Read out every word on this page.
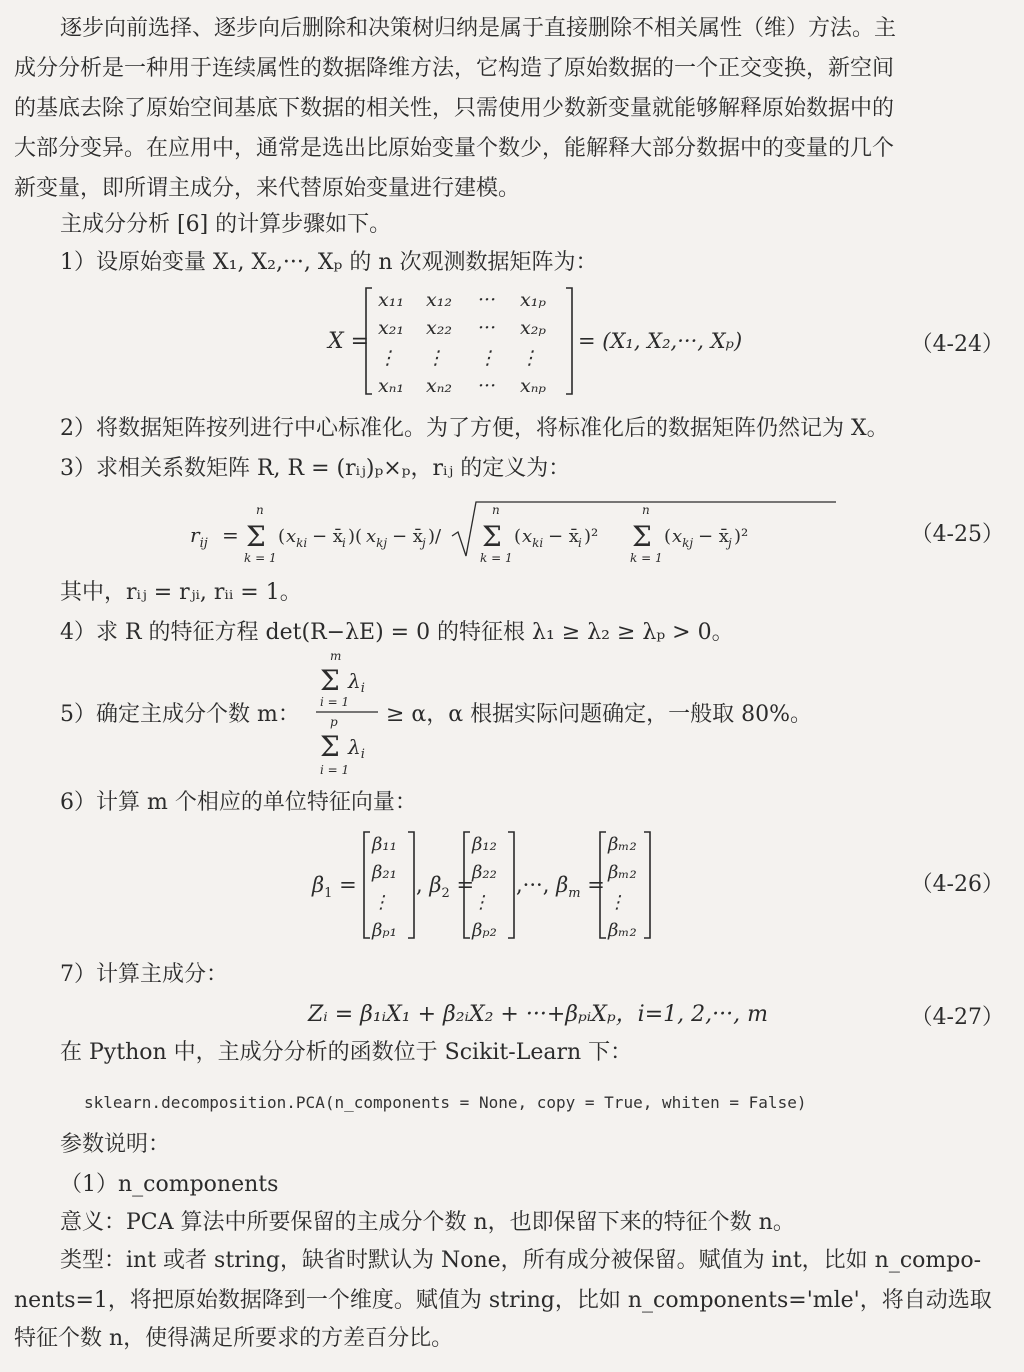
逐步向前选择、逐步向后删除和决策树归纳是属于直接删除不相关属性（维）方法。主
成分分析是一种用于连续属性的数据降维方法，它构造了原始数据的一个正交变换，新空间
的基底去除了原始空间基底下数据的相关性，只需使用少数新变量就能够解释原始数据中的
大部分变异。在应用中，通常是选出比原始变量个数少，能解释大部分数据中的变量的几个
新变量，即所谓主成分，来代替原始变量进行建模。
主成分分析 [6] 的计算步骤如下。
1）设原始变量 X₁, X₂,···, Xₚ 的 n 次观测数据矩阵为：
X =
x₁₁ x₁₂ ··· x₁ₚ
x₂₁ x₂₂ ··· x₂ₚ
⋮ ⋮ ⋮ ⋮
xₙ₁ xₙ₂ ··· xₙₚ
= (X₁, X₂,···, Xₚ)	（4-24）
2）将数据矩阵按列进行中心标准化。为了方便，将标准化后的数据矩阵仍然记为 X。
3）求相关系数矩阵 R, R = (rᵢⱼ)ₚ×ₚ，rᵢⱼ 的定义为：
$r_{ij}$ =
n
Σ
k = 1
( $x_{ki}$ − x̄ i )( $x_{kj}$ − x̄ j )/
n
Σ
k = 1
( $x_{ki}$ − x̄ i )²
n
Σ
k = 1
( $x_{kj}$ − x̄ j )²	（4-25）
其中，rᵢⱼ = rⱼᵢ, rᵢᵢ = 1。
4）求 R 的特征方程 det(R−λE) = 0 的特征根 λ₁ ≥ λ₂ ≥ λₚ > 0。
5）确定主成分个数 m：
m
Σ $\lambda_i$
i = 1
p
Σ $\lambda_i$
i = 1
≥ α，α 根据实际问题确定，一般取 80%。
6）计算 m 个相应的单位特征向量：
$\beta_1$ =
β₁₁
β₂₁
⋮
βₚ₁
, $\beta_2$ =
β₁₂
β₂₂
⋮
βₚ₂
,···, $\beta_m$ =
βₘ₂
βₘ₂
⋮
βₘ₂
（4-26）
7）计算主成分：
Zᵢ = β₁ᵢX₁ + β₂ᵢX₂ + ···+βₚᵢXₚ，i=1, 2,···, m	（4-27）
在 Python 中，主成分分析的函数位于 Scikit-Learn 下：
sklearn.decomposition.PCA(n_components = None, copy = True, whiten = False)
参数说明：
（1）n_components
意义：PCA 算法中所要保留的主成分个数 n，也即保留下来的特征个数 n。
类型：int 或者 string，缺省时默认为 None，所有成分被保留。赋值为 int，比如 n_compo-
nents=1，将把原始数据降到一个维度。赋值为 string，比如 n_components='mle'，将自动选取
特征个数 n，使得满足所要求的方差百分比。
